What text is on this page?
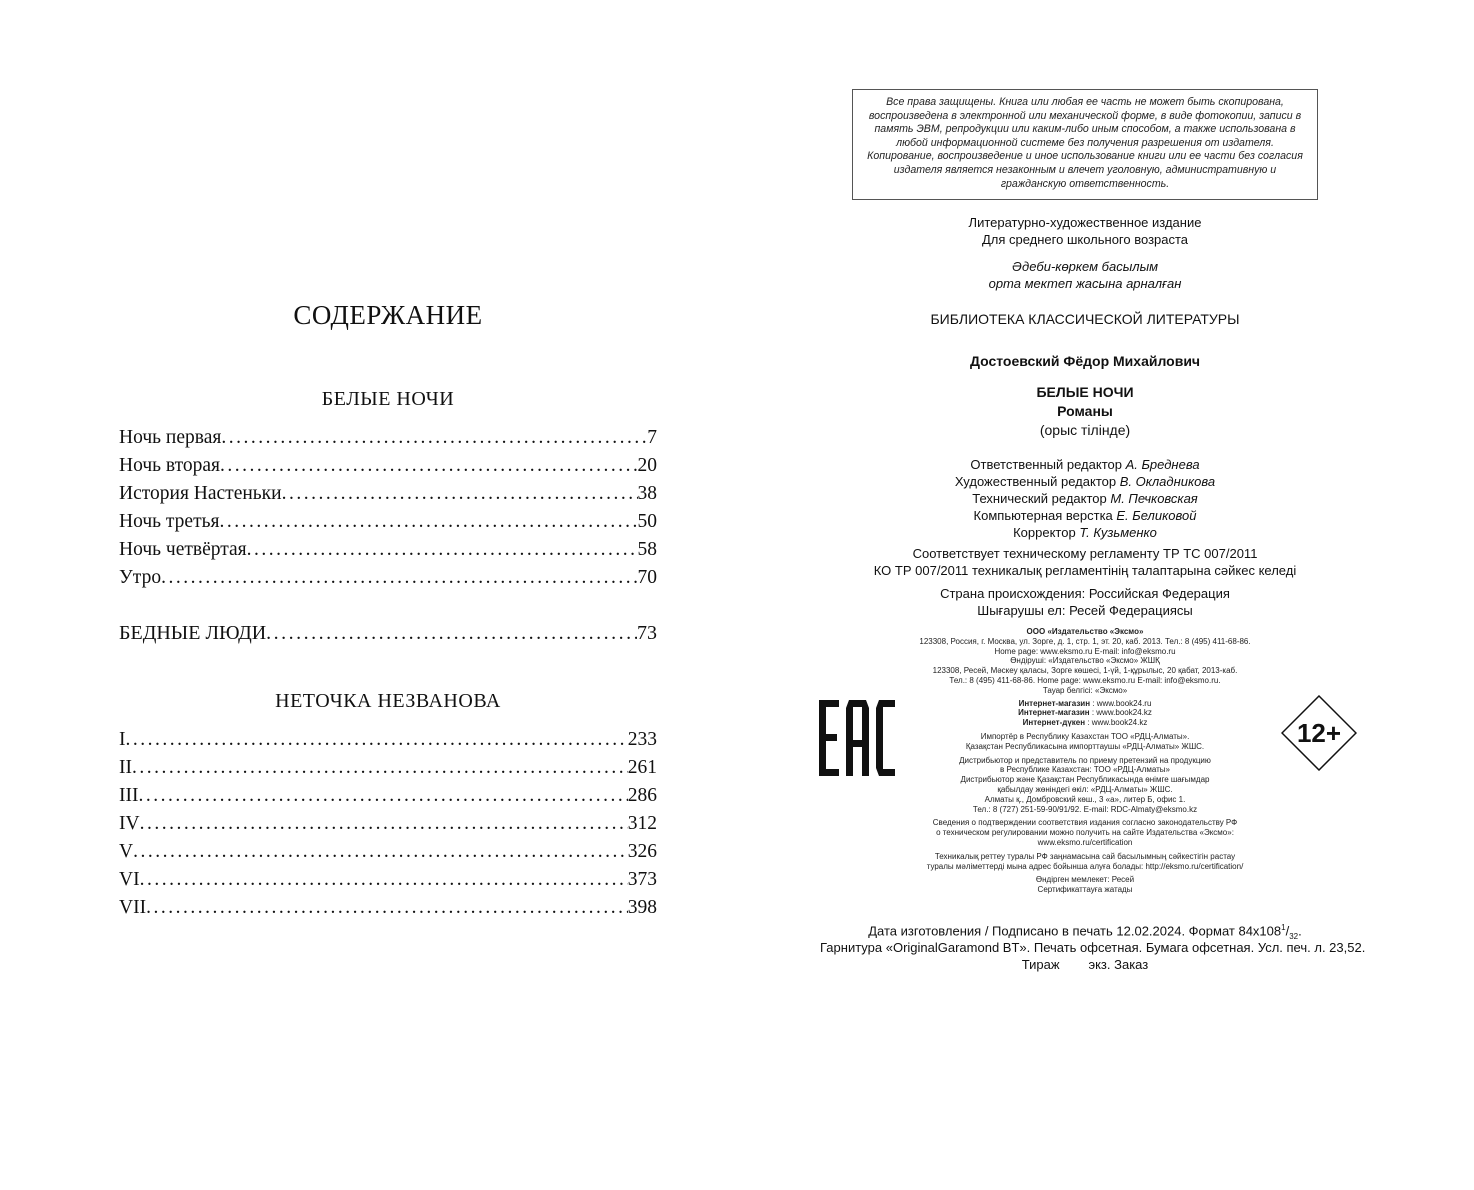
СОДЕРЖАНИЕ
БЕЛЫЕ НОЧИ
Ночь первая .....	7
Ночь вторая .....	20
История Настеньки .....	38
Ночь третья .....	50
Ночь четвёртая .....	58
Утро .....	70
БЕДНЫЕ ЛЮДИ .....	73
НЕТОЧКА НЕЗВАНОВА
I .....	233
II .....	261
III .....	286
IV .....	312
V .....	326
VI .....	373
VII .....	398
Все права защищены. Книга или любая ее часть не может быть скопирована, воспроизведена в электронной или механической форме, в виде фотокопии, записи в память ЭВМ, репродукции или каким-либо иным способом, а также использована в любой информационной системе без получения разрешения от издателя. Копирование, воспроизведение и иное использование книги или ее части без согласия издателя является незаконным и влечет уголовную, административную и гражданскую ответственность.
Литературно-художественное издание
Для среднего школьного возраста
Әдеби-көркем басылым
орта мектеп жасына арналған
БИБЛИОТЕКА КЛАССИЧЕСКОЙ ЛИТЕРАТУРЫ
Достоевский Фёдор Михайлович
БЕЛЫЕ НОЧИ
Романы
(орыс тілінде)
Ответственный редактор А. Бреднева
Художественный редактор В. Окладникова
Технический редактор М. Печковская
Компьютерная верстка Е. Беликовой
Корректор Т. Кузьменко
Соответствует техническому регламенту ТР ТС 007/2011
КО ТР 007/2011 техникалық регламентінің талаптарына сәйкес келеді
Страна происхождения: Российская Федерация
Шығарушы ел: Ресей Федерациясы
ООО «Издательство «Эксмо»
123308, Россия, г. Москва, ул. Зорге, д. 1, стр. 1, эт. 20, каб. 2013. Тел.: 8 (495) 411-68-86.
Home page: www.eksmo.ru E-mail: info@eksmo.ru
Өндіруші: «Издательство «Эксмо» ЖШҚ
123308, Ресей, Мәскеу қаласы, Зорге көшесі, 1-үй, 1-құрылыс, 20 қабат, 2013-каб.
Тел.: 8 (495) 411-68-86. Home page: www.eksmo.ru E-mail: info@eksmo.ru.
Тауар белгісі: «Эксмо»
Интернет-магазин : www.book24.ru
Интернет-магазин : www.book24.kz
Интернет-дүкен : www.book24.kz
Импортёр в Республику Казахстан ТОО «РДЦ-Алматы».
Қазақстан Республикасына импорттаушы «РДЦ-Алматы» ЖШС.
Дистрибьютор и представитель по приему претензий на продукцию
в Республике Казахстан: ТОО «РДЦ-Алматы»
Дистрибьютор және Қазақстан Республикасында өнімге шағымдар
қабылдау жөніндегі өкіл: «РДЦ-Алматы» ЖШС.
Алматы қ., Домбровский көш., 3 «а», литер Б, офис 1.
Тел.: 8 (727) 251-59-90/91/92. E-mail: RDC-Almaty@eksmo.kz
Сведения о подтверждении соответствия издания согласно законодательству РФ
о техническом регулировании можно получить на сайте Издательства «Эксмо»:
www.eksmo.ru/certification
Техникалық реттеу туралы РФ заңнамасына сай басылымның сәйкестігін растау
туралы мәліметтерді мына адрес бойынша алуға болады: http://eksmo.ru/certification/
Өндірген мемлекет: Ресей
Сертификаттауға жатады
12+
Дата изготовления / Подписано в печать 12.02.2024. Формат $84x108^1/_{32}$.
Гарнитура «OriginalGaramond BT». Печать офсетная. Бумага офсетная. Усл. печ. л. 23,52.
Тираж        экз. Заказ
